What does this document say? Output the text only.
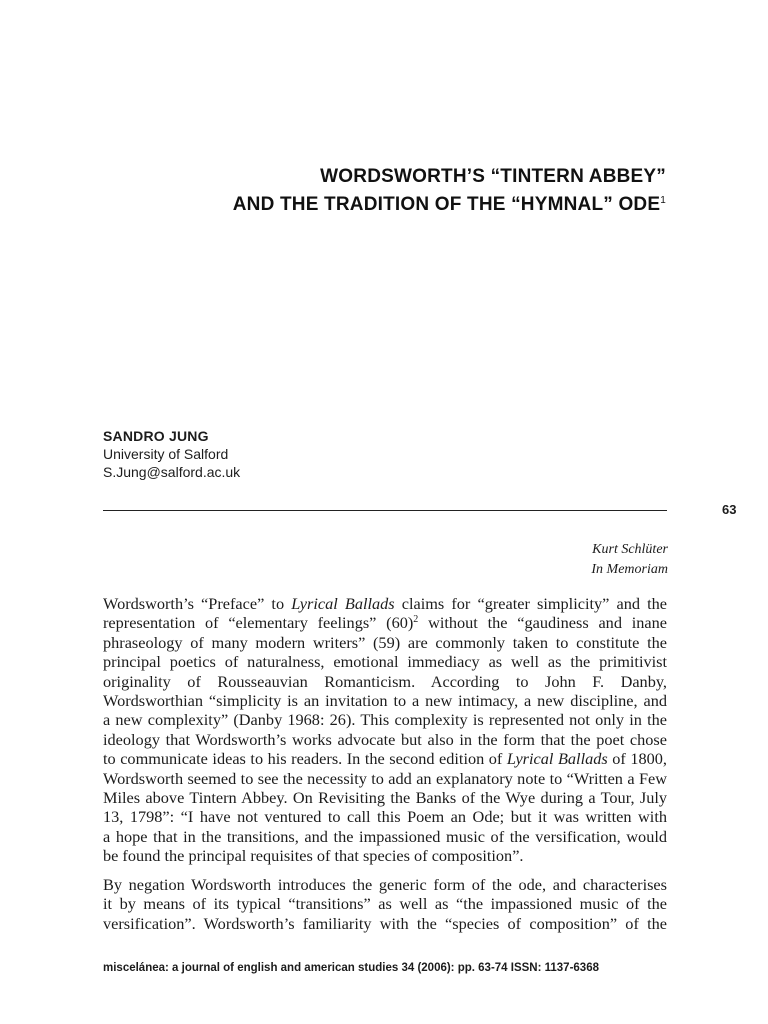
WORDSWORTH’S “TINTERN ABBEY”
AND THE TRADITION OF THE “HYMNAL” ODE$^1$
SANDRO JUNG
University of Salford
S.Jung@salford.ac.uk
63
Kurt Schlüter
In Memoriam
Wordsworth’s “Preface” to Lyrical Ballads claims for “greater simplicity” and the
representation of “elementary feelings” $(60)^2$ without the “gaudiness and inane
phraseology of many modern writers” (59) are commonly taken to constitute the
principal poetics of naturalness, emotional immediacy as well as the primitivist
originality of Rousseauvian Romanticism. According to John F. Danby,
Wordsworthian “simplicity is an invitation to a new intimacy, a new discipline, and
a new complexity” (Danby 1968: 26). This complexity is represented not only in the
ideology that Wordsworth’s works advocate but also in the form that the poet chose
to communicate ideas to his readers. In the second edition of Lyrical Ballads of 1800,
Wordsworth seemed to see the necessity to add an explanatory note to “Written a Few
Miles above Tintern Abbey. On Revisiting the Banks of the Wye during a Tour, July
13, 1798”: “I have not ventured to call this Poem an Ode; but it was written with
a hope that in the transitions, and the impassioned music of the versification, would
be found the principal requisites of that species of composition”.
By negation Wordsworth introduces the generic form of the ode, and characterises
it by means of its typical “transitions” as well as “the impassioned music of the
versification”. Wordsworth’s familiarity with the “species of composition” of the
miscelánea: a journal of english and american studies 34 (2006): pp. 63-74 ISSN: 1137-6368
